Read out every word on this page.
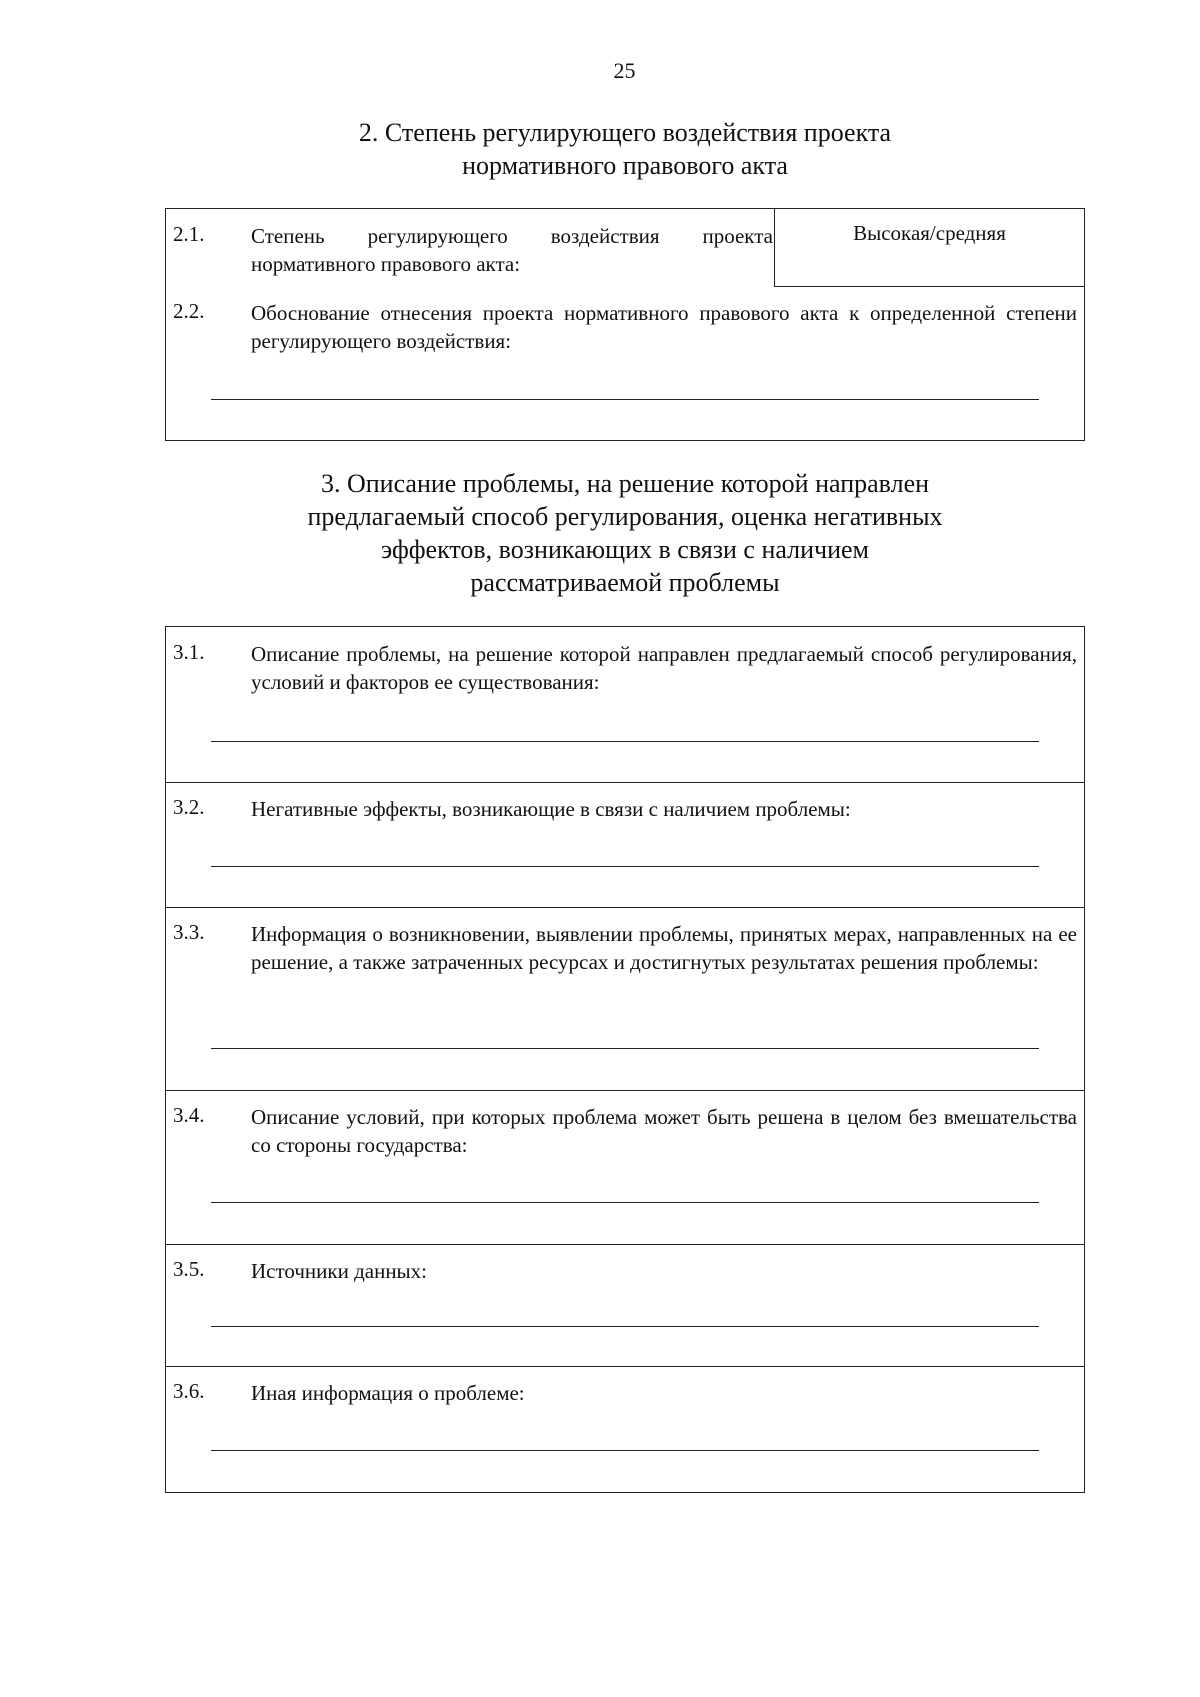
25
2. Степень регулирующего воздействия проекта
нормативного правового акта
Высокая/средняя
2.1. Степень регулирующего воздействия проекта нормативного правового акта:
2.2. Обоснование отнесения проекта нормативного правового акта к определенной степени регулирующего воздействия:
3. Описание проблемы, на решение которой направлен
предлагаемый способ регулирования, оценка негативных
эффектов, возникающих в связи с наличием
рассматриваемой проблемы
3.1. Описание проблемы, на решение которой направлен предлагаемый способ регулирования, условий и факторов ее существования:
3.2. Негативные эффекты, возникающие в связи с наличием проблемы:
3.3. Информация о возникновении, выявлении проблемы, принятых мерах, направленных на ее решение, а также затраченных ресурсах и достигнутых результатах решения проблемы:
3.4. Описание условий, при которых проблема может быть решена в целом без вмешательства со стороны государства:
3.5. Источники данных:
3.6. Иная информация о проблеме:
